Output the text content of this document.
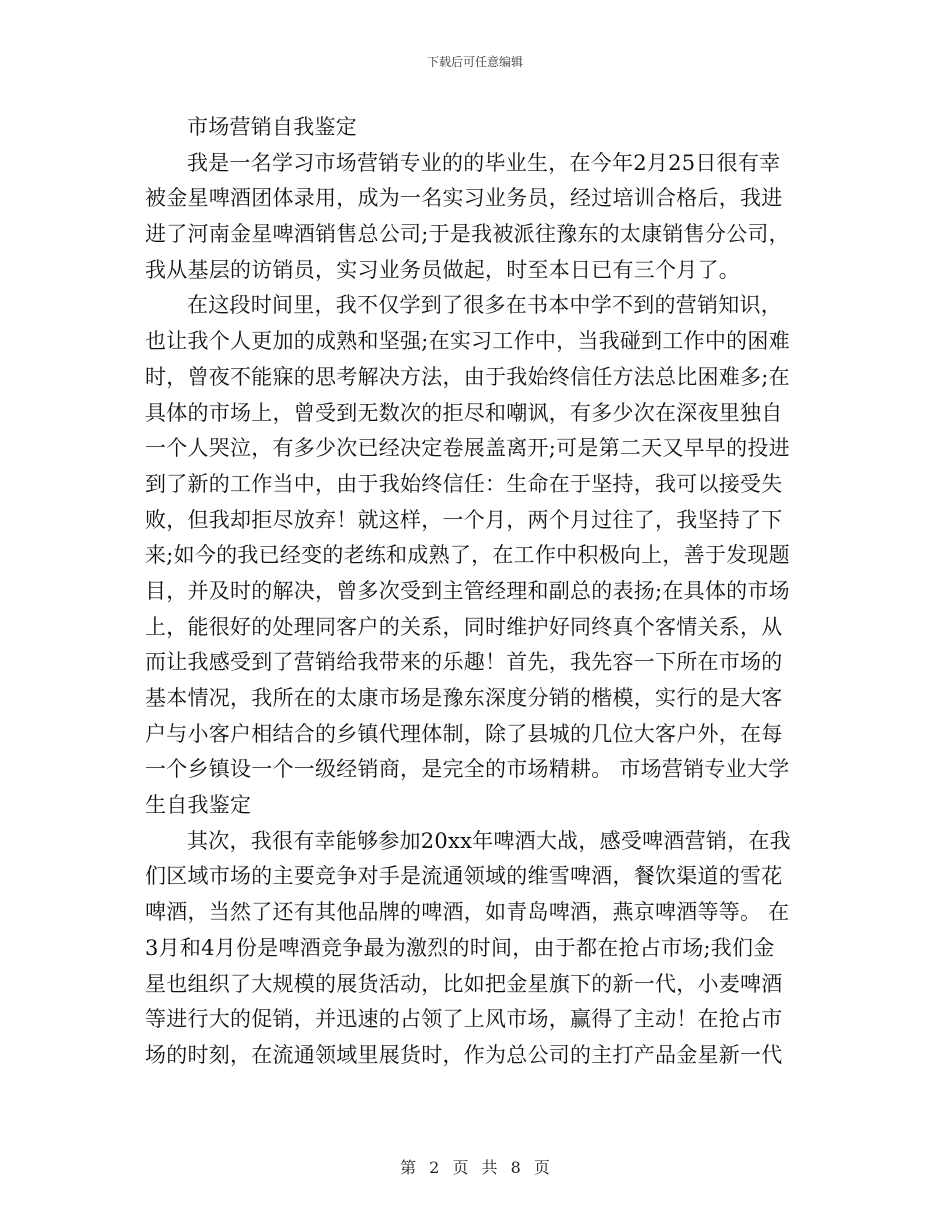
下载后可任意编辑
市场营销自我鉴定
我是一名学习市场营销专业的的毕业生，在今年2月25日很有幸
被金星啤酒团体录用，成为一名实习业务员，经过培训合格后，我进
进了河南金星啤酒销售总公司;于是我被派往豫东的太康销售分公司，
我从基层的访销员，实习业务员做起，时至本日已有三个月了。
在这段时间里，我不仅学到了很多在书本中学不到的营销知识，
也让我个人更加的成熟和坚强;在实习工作中，当我碰到工作中的困难
时，曾夜不能寐的思考解决方法，由于我始终信任方法总比困难多;在
具体的市场上，曾受到无数次的拒尽和嘲讽，有多少次在深夜里独自
一个人哭泣，有多少次已经决定卷展盖离开;可是第二天又早早的投进
到了新的工作当中，由于我始终信任：生命在于坚持，我可以接受失
败，但我却拒尽放弃！就这样，一个月，两个月过往了，我坚持了下
来;如今的我已经变的老练和成熟了，在工作中积极向上，善于发现题
目，并及时的解决，曾多次受到主管经理和副总的表扬;在具体的市场
上，能很好的处理同客户的关系，同时维护好同终真个客情关系，从
而让我感受到了营销给我带来的乐趣！首先，我先容一下所在市场的
基本情况，我所在的太康市场是豫东深度分销的楷模，实行的是大客
户与小客户相结合的乡镇代理体制，除了县城的几位大客户外，在每
一个乡镇设一个一级经销商，是完全的市场精耕。 市场营销专业大学
生自我鉴定
其次，我很有幸能够参加20xx年啤酒大战，感受啤酒营销，在我
们区域市场的主要竞争对手是流通领域的维雪啤酒，餐饮渠道的雪花
啤酒，当然了还有其他品牌的啤酒，如青岛啤酒，燕京啤酒等等。 在
3月和4月份是啤酒竞争最为激烈的时间，由于都在抢占市场;我们金
星也组织了大规模的展货活动，比如把金星旗下的新一代，小麦啤酒
等进行大的促销，并迅速的占领了上风市场，赢得了主动！在抢占市
场的时刻，在流通领域里展货时，作为总公司的主打产品金星新一代
第 2 页 共 8 页
